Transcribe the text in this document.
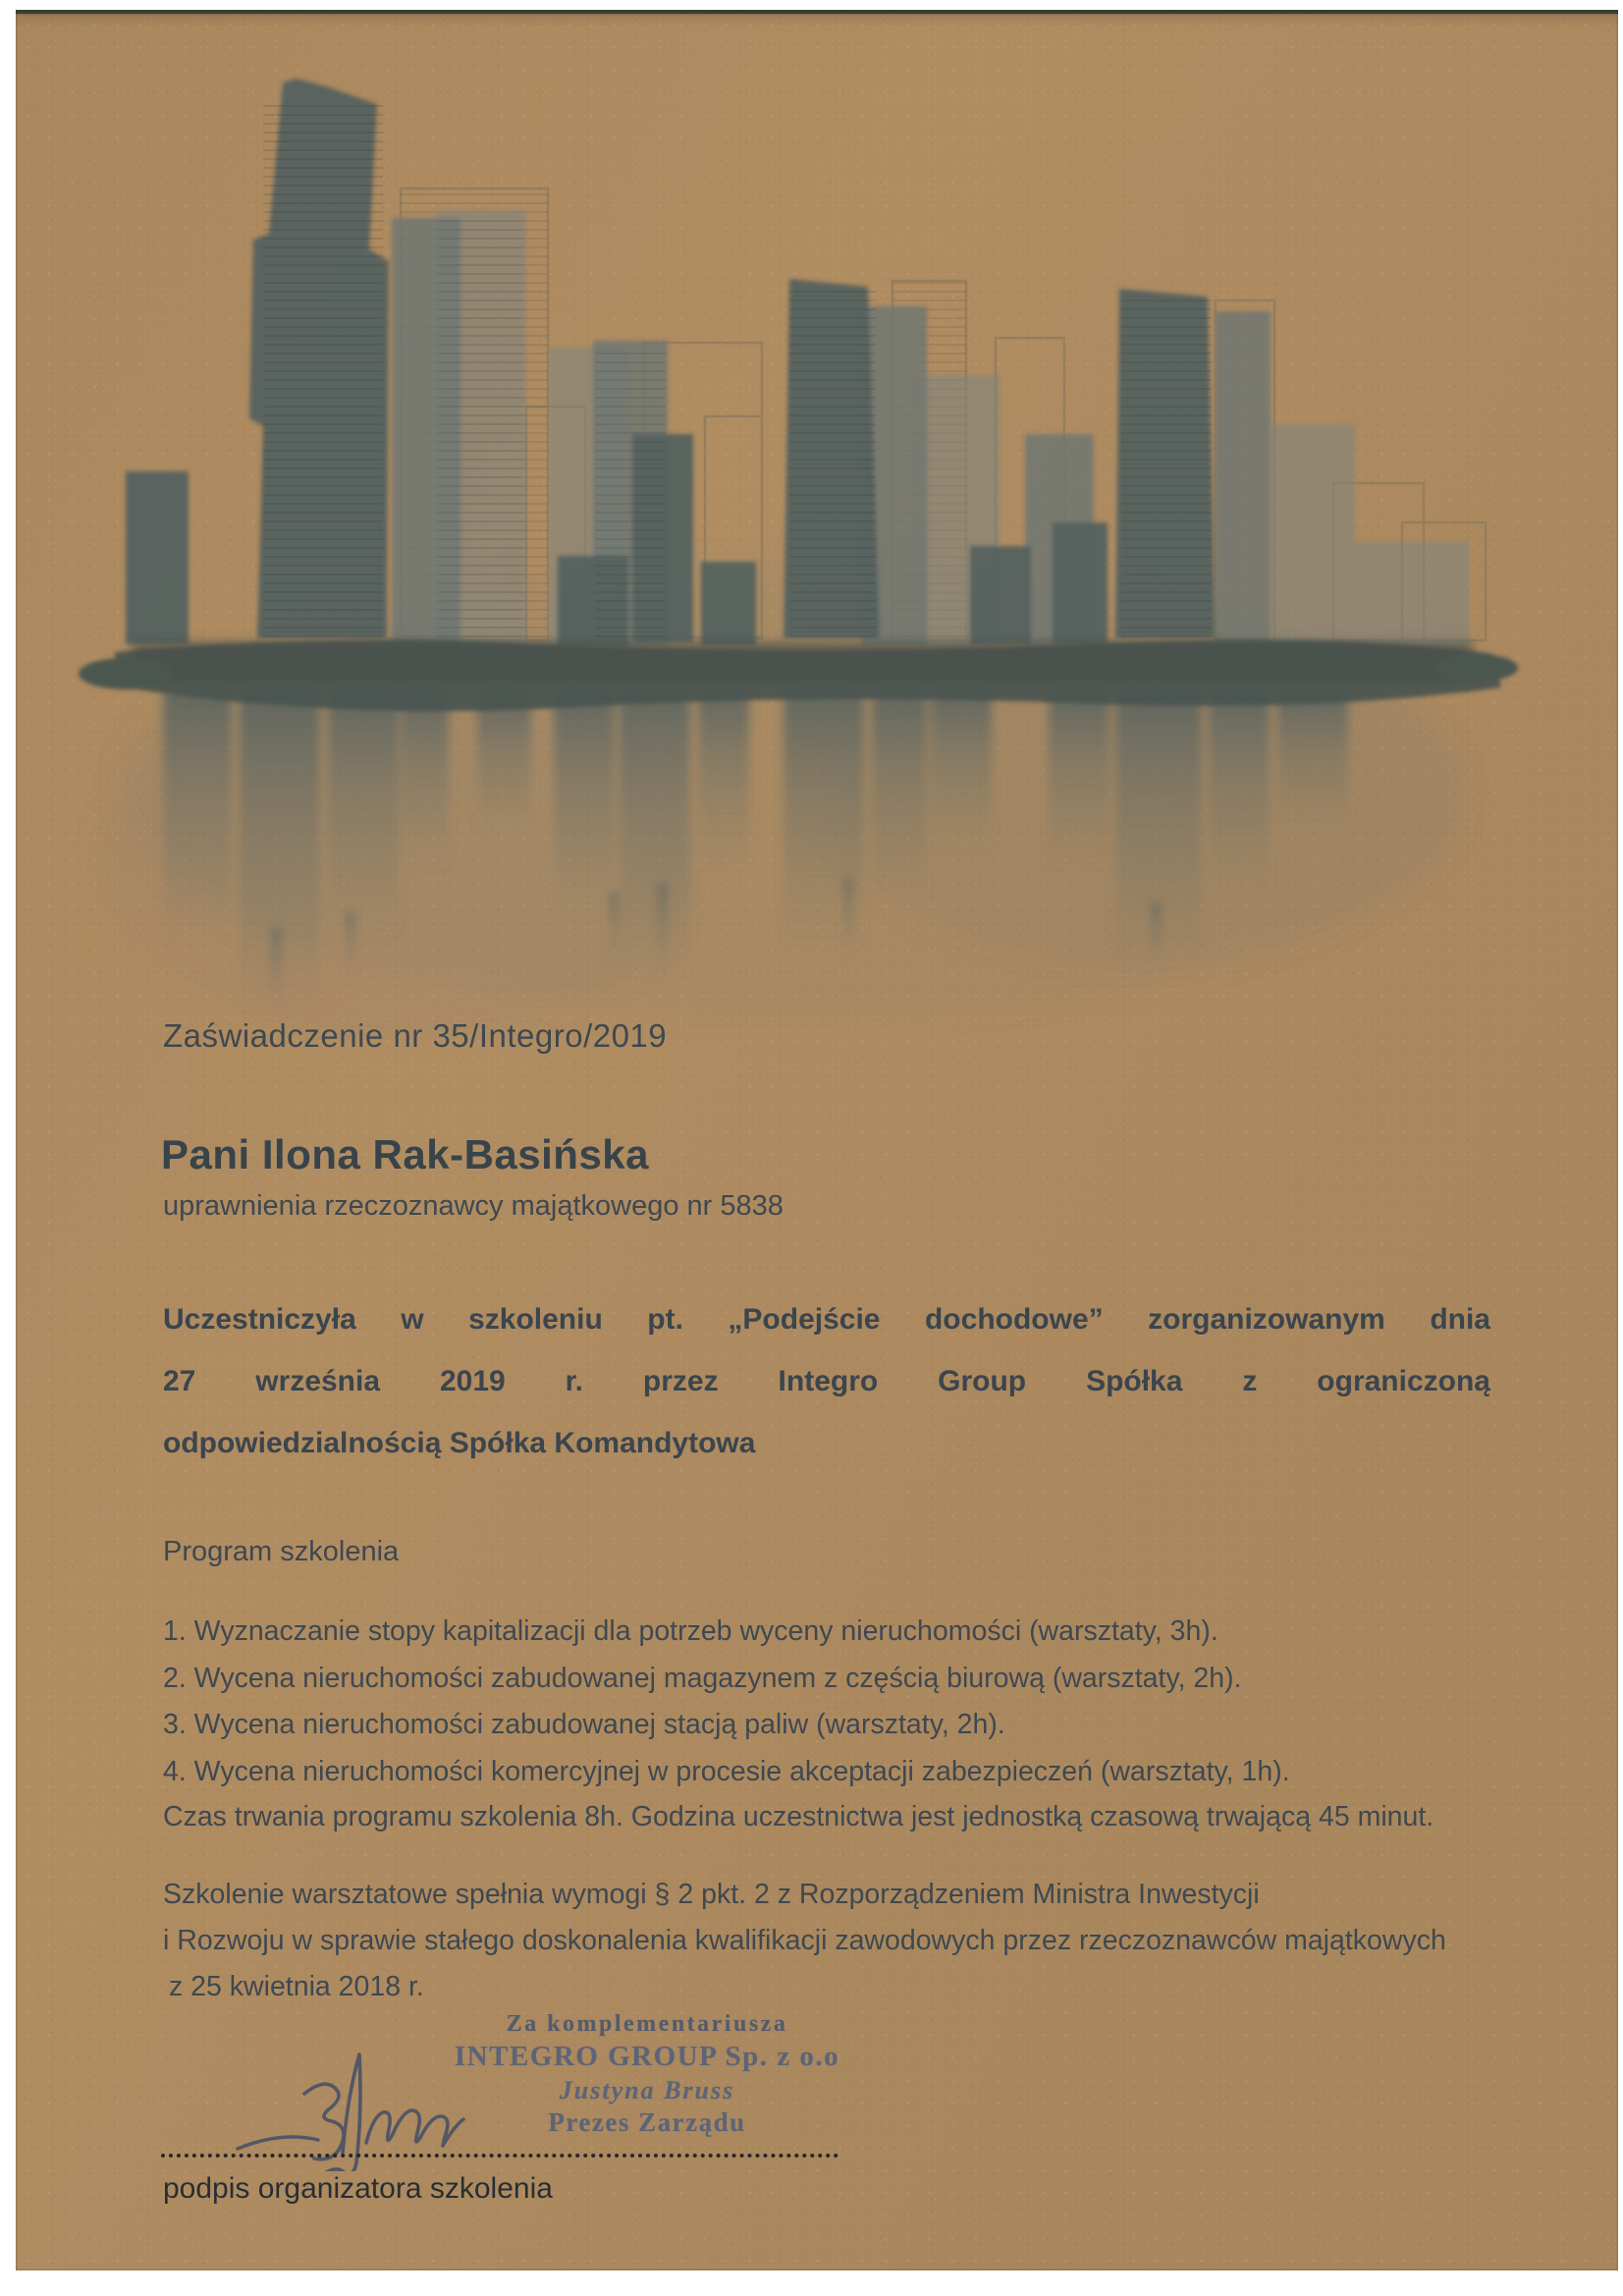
Zaświadczenie nr 35/Integro/2019
Pani Ilona Rak-Basińska
uprawnienia rzeczoznawcy majątkowego nr 5838
Uczestniczyła w szkoleniu pt. „Podejście dochodowe” zorganizowanym dnia
27 września 2019 r. przez Integro Group Spółka z ograniczoną
odpowiedzialnością Spółka Komandytowa
Program szkolenia
1. Wyznaczanie stopy kapitalizacji dla potrzeb wyceny nieruchomości (warsztaty, 3h).
2. Wycena nieruchomości zabudowanej magazynem z częścią biurową (warsztaty, 2h).
3. Wycena nieruchomości zabudowanej stacją paliw (warsztaty, 2h).
4. Wycena nieruchomości komercyjnej w procesie akceptacji zabezpieczeń (warsztaty, 1h).
Czas trwania programu szkolenia 8h. Godzina uczestnictwa jest jednostką czasową trwającą 45 minut.
Szkolenie warsztatowe spełnia wymogi § 2 pkt. 2 z Rozporządzeniem Ministra Inwestycji
i Rozwoju w sprawie stałego doskonalenia kwalifikacji zawodowych przez rzeczoznawców majątkowych
z 25 kwietnia 2018 r.
Za komplementariusza
INTEGRO GROUP Sp. z o.o
Justyna Bruss
Prezes Zarządu
podpis organizatora szkolenia
